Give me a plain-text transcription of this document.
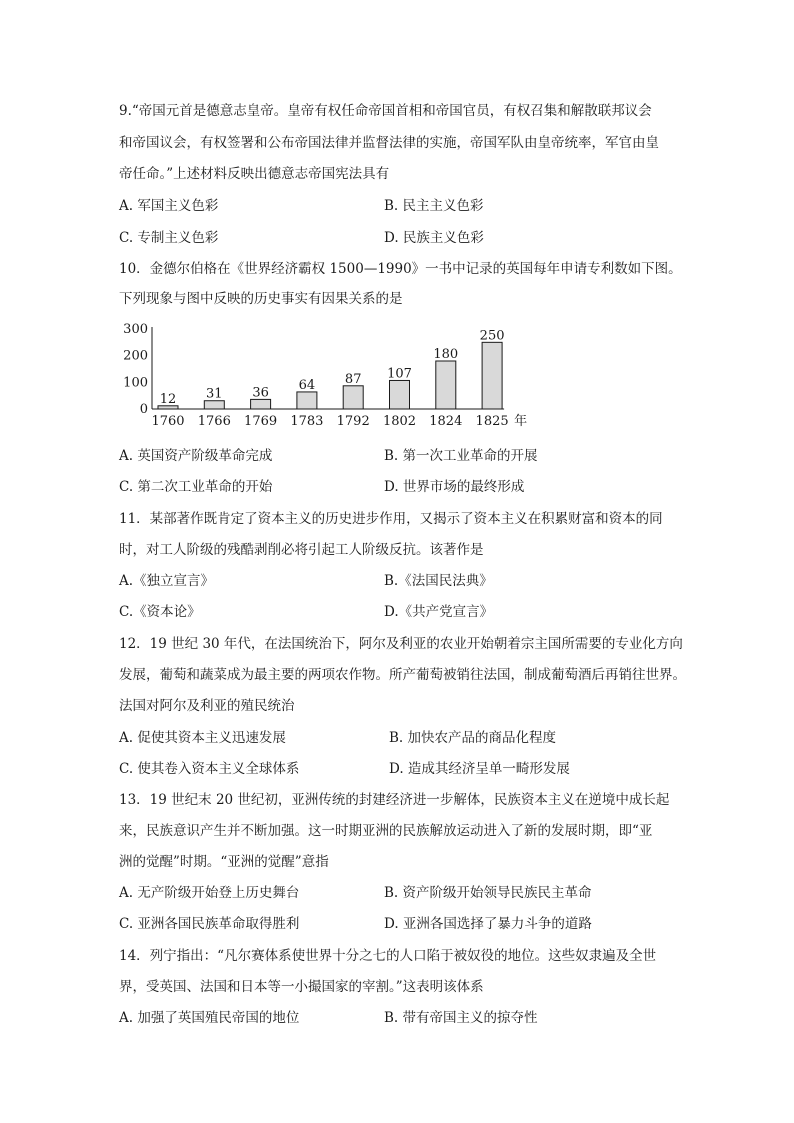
9.“帝国元首是德意志皇帝。皇帝有权任命帝国首相和帝国官员，有权召集和解散联邦议会
和帝国议会，有权签署和公布帝国法律并监督法律的实施，帝国军队由皇帝统率，军官由皇
帝任命。”上述材料反映出德意志帝国宪法具有
A. 军国主义色彩	B. 民主主义色彩
C. 专制主义色彩	D. 民族主义色彩
10．金德尔伯格在《世界经济霸权 1500—1990》一书中记录的英国每年申请专利数如下图。
下列现象与图中反映的历史事实有因果关系的是
0
100
200
300
12
1760
31
1766
36
1769
64
1783
87
1792
107
1802
180
1824
250
1825 年
A. 英国资产阶级革命完成	B. 第一次工业革命的开展
C. 第二次工业革命的开始	D. 世界市场的最终形成
11．某部著作既肯定了资本主义的历史进步作用，又揭示了资本主义在积累财富和资本的同
时，对工人阶级的残酷剥削必将引起工人阶级反抗。该著作是
A.《独立宣言》	B.《法国民法典》
C.《资本论》	D.《共产党宣言》
12．19 世纪 30 年代，在法国统治下，阿尔及利亚的农业开始朝着宗主国所需要的专业化方向
发展，葡萄和蔬菜成为最主要的两项农作物。所产葡萄被销往法国，制成葡萄酒后再销往世界。
法国对阿尔及利亚的殖民统治
A. 促使其资本主义迅速发展	B. 加快农产品的商品化程度
C. 使其卷入资本主义全球体系	D. 造成其经济呈单一畸形发展
13．19 世纪末 20 世纪初，亚洲传统的封建经济进一步解体，民族资本主义在逆境中成长起
来，民族意识产生并不断加强。这一时期亚洲的民族解放运动进入了新的发展时期，即“亚
洲的觉醒”时期。“亚洲的觉醒”意指
A. 无产阶级开始登上历史舞台	B. 资产阶级开始领导民族民主革命
C. 亚洲各国民族革命取得胜利	D. 亚洲各国选择了暴力斗争的道路
14．列宁指出：“凡尔赛体系使世界十分之七的人口陷于被奴役的地位。这些奴隶遍及全世
界，受英国、法国和日本等一小撮国家的宰割。”这表明该体系
A. 加强了英国殖民帝国的地位	B. 带有帝国主义的掠夺性
